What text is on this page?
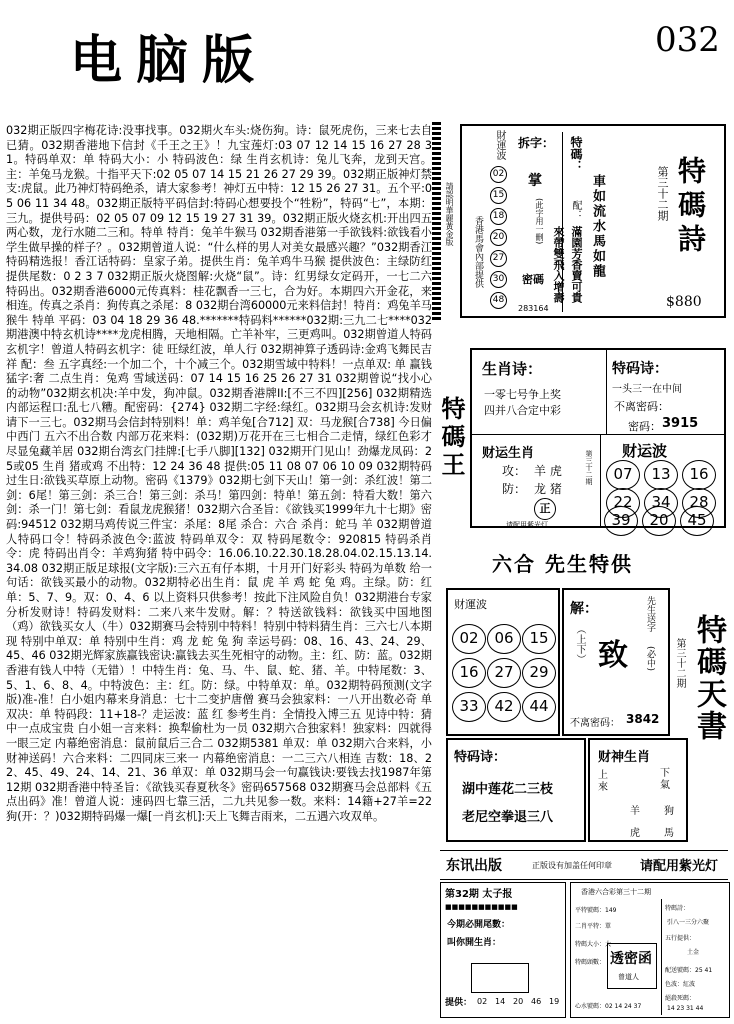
电脑版	032
032期正版四字梅花诗:没事找事。032期火车头:烧伤狗。诗：鼠死虎伤，三来七去自已猜。032期香港地下信封《千王之王》！九宝莲灯:03 07 12 14 15 16 27 28 31。特码单双：单 特码大小：小 特码波色：绿 生肖玄机诗：兔儿飞奔，龙到天宫。主：羊兔马龙猴。十指平天下:02 05 07 14 15 21 26 27 29 39。032期正版神灯禁支:虎鼠。此乃神灯特码绝杀，请大家参考！神灯五中特：12 15 26 27 31。五个平:05 06 11 34 48。032期正版特平码信封:特码心想要投个“牲粉”，特码“七”，本期：三九。提供号码：02 05 07 09 12 15 19 27 31 39。032期正版火烧玄机:开出四五两心数，龙行水随二三和。特单 特肖：兔羊牛猴马 032期香港第一手欲钱料:欲钱看小学生做早操的样子？。032期曾道人说：“什么样的男人对美女最感兴趣？”032期香江特码精选报！香江话特码：皇家子弟。提供生肖：兔羊鸡牛马猴 提供波色：主绿防红 提供尾数：0 2 3 7 032期正版火烧图解:火烧“鼠”。诗：红男绿女定码开，一七二六特码出。032期香港6000元传真料：桂花飘香一三七，合为好。本期四六开金花，来相连。传真之杀肖：狗传真之杀尾：8 032期台湾60000元来料信封！特肖：鸡兔羊马猴牛 特单 平码：03 04 18 29 36 48.*******特码料******032期:三九二七****032期港澳中特玄机诗****龙虎相腾，天地相隔。亡羊补牢，三更鸡叫。032期曾道人特码玄机字！曾道人特码玄机字：徒 旺绿红波，单人行 032期神算子透码诗:金鸡飞舞民吉祥 配：叁 五字真经:一个加二个，十个减三个。032期雪域中特料！一点单双: 单 赢钱猛字:奢 二点生肖：兔鸡 雪域送码：07 14 15 16 25 26 27 31 032期曾说“找小心的动物”032期玄机决:羊中发，狗冲鼠。032期香港牌II:[不三不四][256] 032期精选内部运程口:乱七八糟。配密码：{274} 032期二字经:绿红。032期马会玄机诗:发财请下一三七。032期马会信封特别料！单：鸡羊兔[合712] 双：马龙猴[合738] 今日偏中西门 五六不出合数 内部万花来料：(032期)万花开在三七相合二走情，绿红色彩才尽显兔藏羊居 032期台湾玄门挂牌:[七手八脚][132] 032期开门见山！劲爆龙凤码：25或05 生肖 猪或鸡 不出特：12 24 36 48 提供:05 11 08 07 06 10 09 032期特码过生日:欲钱买草原上动物。密码《1379》032期七剑下天山！第一剑：杀红波！第二剑：6尾！第三剑：杀三合！第三剑：杀马！第四剑：特单！第五剑：特看大数！第六剑：杀一门！第七剑：看鼠龙虎猴猪！032期六合圣旨：《欲钱买1999年九十七期》密码:94512 032期马鸡传说三件宝：杀尾：8尾 杀合：六合 杀肖：蛇马 羊 032期曾道人特码口令！特码杀波色令:蓝波 特码单双令：双 特码尾数令：920815 特码杀肖令：虎 特码出肖令：羊鸡狗猪 特中码令：16.06.10.22.30.18.28.04.02.15.13.14.34.08 032期正版足球报(文字版):三六五有仔本期，十月开门好彩头 特码为单数 给一句话：欲钱买最小的动物。032期特必出生肖：鼠 虎 羊 鸡 蛇 兔 鸡。主绿。防：红 单：5、7、9。双：0、4、6 以上资料只供参考！按此下注风险自负！032期港台专家分析发财诗！特码发财料：二来八来牛发财。解：？特送欲钱料：欲钱买中国地图（鸡）欲钱买女人（牛）032期赛马会特别中特料！特别中特料猜生肖：三六七八本期现 特别中单双：单 特别中生肖：鸡 龙 蛇 兔 狗 幸运号码：08、16、43、24、29、45、46 032期光辉家族赢钱密诀:赢钱去买生死相守的动物。主：红、防：蓝。032期香港有钱人中特（无错）！中特生肖：兔、马、牛、鼠、蛇、猪、羊。中特尾数：3、5、1、6、8、4。中特波色：主：红。防：绿。中特单双：单。032期特码预测(文字版)准-准！白小姐内幕来身消息：七十二变护唐僧 赛马会独家料：一八开出数必奇 单双决：单 特码段：11+18-？走运波：蓝 红 参考生肖：全情投入博三五 见诗中特：猜中一点成宝贵 白小姐一言来料：换犁偷杜为一员 032期六合独家料！独家料：四就得一眼三定 内幕绝密消息：鼠前鼠后三合二 032期5381 单双：单 032期六合来料，小财神送码！六合来料：二四同床三来一 内幕绝密消息：一二三六八相连 吉数：18、22、45、49、24、14、21、36 单双：单 032期马会一句赢钱诀:要钱去找1987年第12期 032期香港中特圣旨：《欲钱买春夏秋冬》密码657568 032期赛马会总部料《五点出码》准！曾道人说：速码四七靠三活，二九共见参一数。来料：14籍+27羊=22狗(开：？)032期特码爆一爆[一肖玄机]:天上飞舞吉雨来，二五遇六攻双单。
請認明華麗黃金版
香港馬會內部提供
財運波
02
15
18
20
27
30
48
拆字：
掌
(此字用一刪)
密碼
283164
特碼：
車如流水馬如龍
配：
滿園芳香賣可貴
來帶雙飛入增壽
第三十二期 特碼詩
$880
特碼王
生肖诗：
一零七号争上奖
四并八合定中彩
特码诗：
一头三一在中间
不离密码：
密码： 3915
财运生肖
攻： 羊 虎
防： 龙 猪
正
请配用紫光灯
第三十二期 财运波
07	13	16
22	34	28
39	20	45
六合 先生特供
财運波
02	06	15
16	27	29
33	42	44
解：
（上下） 致
先生送字
(必中)
不离密码： 3842
第三十二期 特碼天書
特码诗：
湖中莲花二三枝
老尼空拳退三八
财神生肖
上
來
下
氣
羊 狗
虎 馬
东讯出版	正版设有加盖任何印章 请配用紫光灯
第32期 太子报
■■■■■■■■■■■
今期必開尾數：
叫你開生肖：
提供： 02 14 20 46 19
香港六合彩第三十二期
平特號碼：149
二肖平特：單
特碼大小：大
特碼頭數：
心水號碼：02 14 24 37
透密函
曾道人
特碼詩：
引八一三分六聚
五行提供：
土金
配送號碼：25 41
色波：紅波
絕殺死碼：
14 23 31 44
